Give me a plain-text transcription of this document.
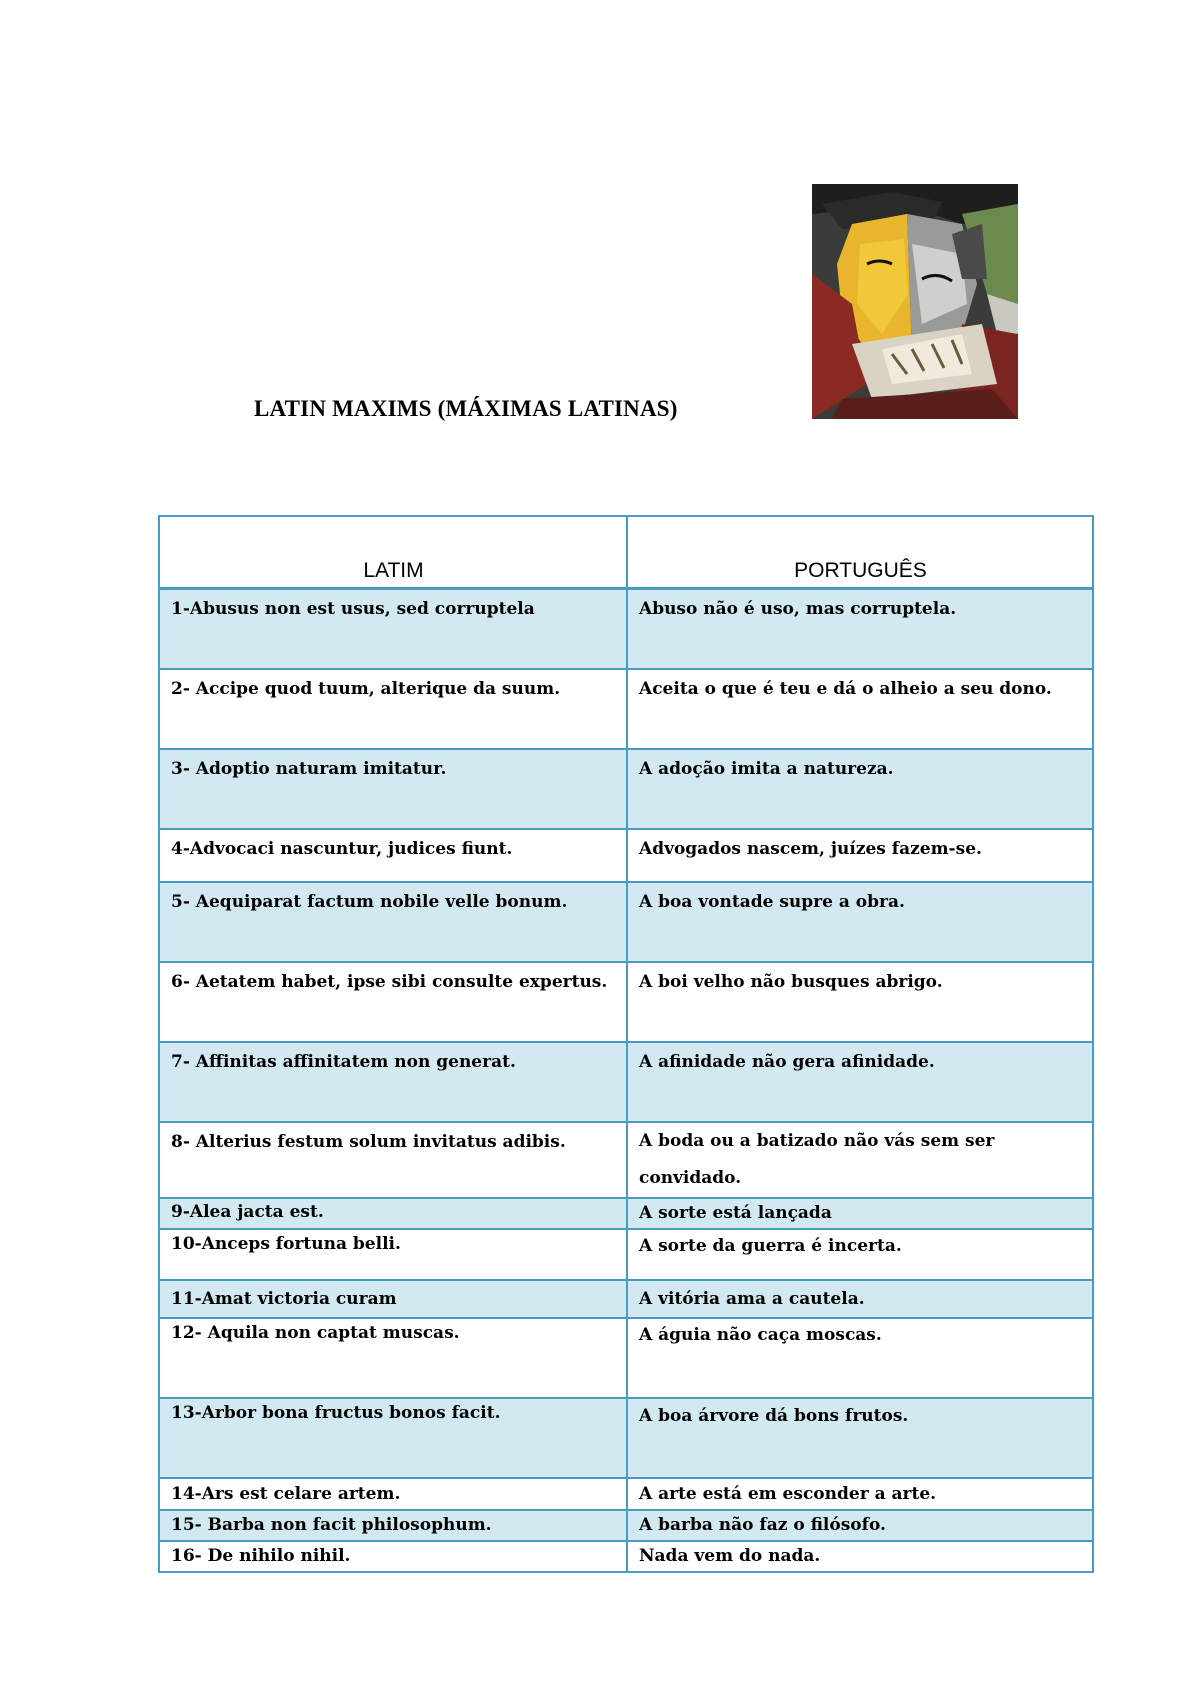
LATIN MAXIMS (MÁXIMAS LATINAS)
LATIM	PORTUGUÊS
1-Abusus non est usus, sed corruptela	Abuso não é uso, mas corruptela.
2- Accipe quod tuum, alterique da suum.	Aceita o que é teu e dá o alheio a seu dono.
3- Adoptio naturam imitatur.	A adoção imita a natureza.
4-Advocaci nascuntur, judices fiunt.	Advogados nascem, juízes fazem-se.
5- Aequiparat factum nobile velle bonum.	A boa vontade supre a obra.
6- Aetatem habet, ipse sibi consulte expertus.	A boi velho não busques abrigo.
7- Affinitas affinitatem non generat.	A afinidade não gera afinidade.
8- Alterius festum solum invitatus adibis.	A boda ou a batizado não vás sem ser convidado.
9-Alea jacta est.	A sorte está lançada
10-Anceps fortuna belli.	A sorte da guerra é incerta.
11-Amat victoria curam	A vitória ama a cautela.
12- Aquila non captat muscas.	A águia não caça moscas.
13-Arbor bona fructus bonos facit.	A boa árvore dá bons frutos.
14-Ars est celare artem.	A arte está em esconder a arte.
15- Barba non facit philosophum.	A barba não faz o filósofo.
16- De nihilo nihil.	Nada vem do nada.
